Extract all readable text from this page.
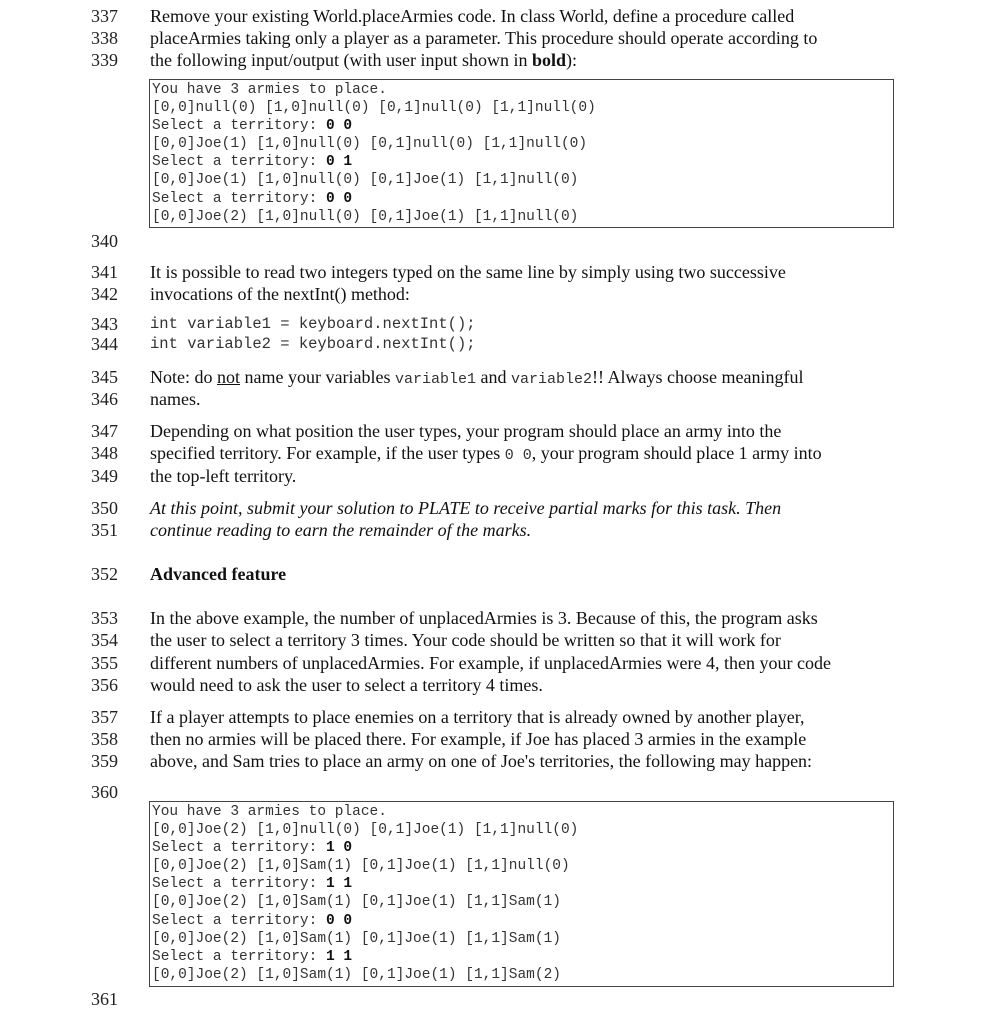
337
338
339
340
341
342
343
344
345
346
347
348
349
350
351
352
353
354
355
356
357
358
359
360
361
Remove your existing World.placeArmies code. In class World, define a procedure called
placeArmies taking only a player as a parameter. This procedure should operate according to
the following input/output (with user input shown in bold):
You have 3 armies to place.
[0,0]null(0) [1,0]null(0) [0,1]null(0) [1,1]null(0)
Select a territory: 0 0
[0,0]Joe(1) [1,0]null(0) [0,1]null(0) [1,1]null(0)
Select a territory: 0 1
[0,0]Joe(1) [1,0]null(0) [0,1]Joe(1) [1,1]null(0)
Select a territory: 0 0
[0,0]Joe(2) [1,0]null(0) [0,1]Joe(1) [1,1]null(0)
It is possible to read two integers typed on the same line by simply using two successive
invocations of the nextInt() method:
int variable1 = keyboard.nextInt();
int variable2 = keyboard.nextInt();
Note: do not name your variables variable1 and variable2!! Always choose meaningful
names.
Depending on what position the user types, your program should place an army into the
specified territory. For example, if the user types 0 0, your program should place 1 army into
the top-left territory.
At this point, submit your solution to PLATE to receive partial marks for this task. Then
continue reading to earn the remainder of the marks.
Advanced feature
In the above example, the number of unplacedArmies is 3. Because of this, the program asks
the user to select a territory 3 times. Your code should be written so that it will work for
different numbers of unplacedArmies. For example, if unplacedArmies were 4, then your code
would need to ask the user to select a territory 4 times.
If a player attempts to place enemies on a territory that is already owned by another player,
then no armies will be placed there. For example, if Joe has placed 3 armies in the example
above, and Sam tries to place an army on one of Joe's territories, the following may happen:
You have 3 armies to place.
[0,0]Joe(2) [1,0]null(0) [0,1]Joe(1) [1,1]null(0)
Select a territory: 1 0
[0,0]Joe(2) [1,0]Sam(1) [0,1]Joe(1) [1,1]null(0)
Select a territory: 1 1
[0,0]Joe(2) [1,0]Sam(1) [0,1]Joe(1) [1,1]Sam(1)
Select a territory: 0 0
[0,0]Joe(2) [1,0]Sam(1) [0,1]Joe(1) [1,1]Sam(1)
Select a territory: 1 1
[0,0]Joe(2) [1,0]Sam(1) [0,1]Joe(1) [1,1]Sam(2)
